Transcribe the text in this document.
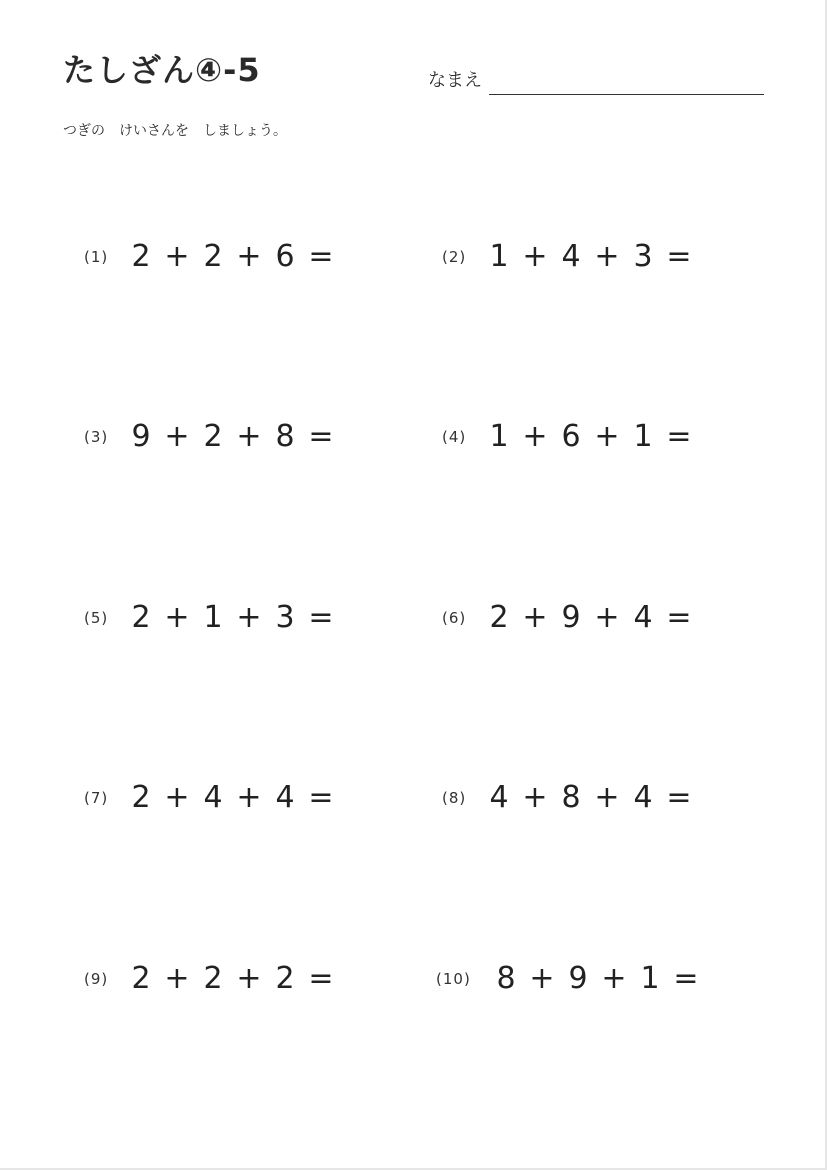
たしざん④-5	なまえ
つぎの　けいさんを　しましょう。
(1) 2 + 2 + 6 =	(2) 1 + 4 + 3 =
(3) 9 + 2 + 8 =	(4) 1 + 6 + 1 =
(5) 2 + 1 + 3 =	(6) 2 + 9 + 4 =
(7) 2 + 4 + 4 =	(8) 4 + 8 + 4 =
(9) 2 + 2 + 2 =	(10) 8 + 9 + 1 =
